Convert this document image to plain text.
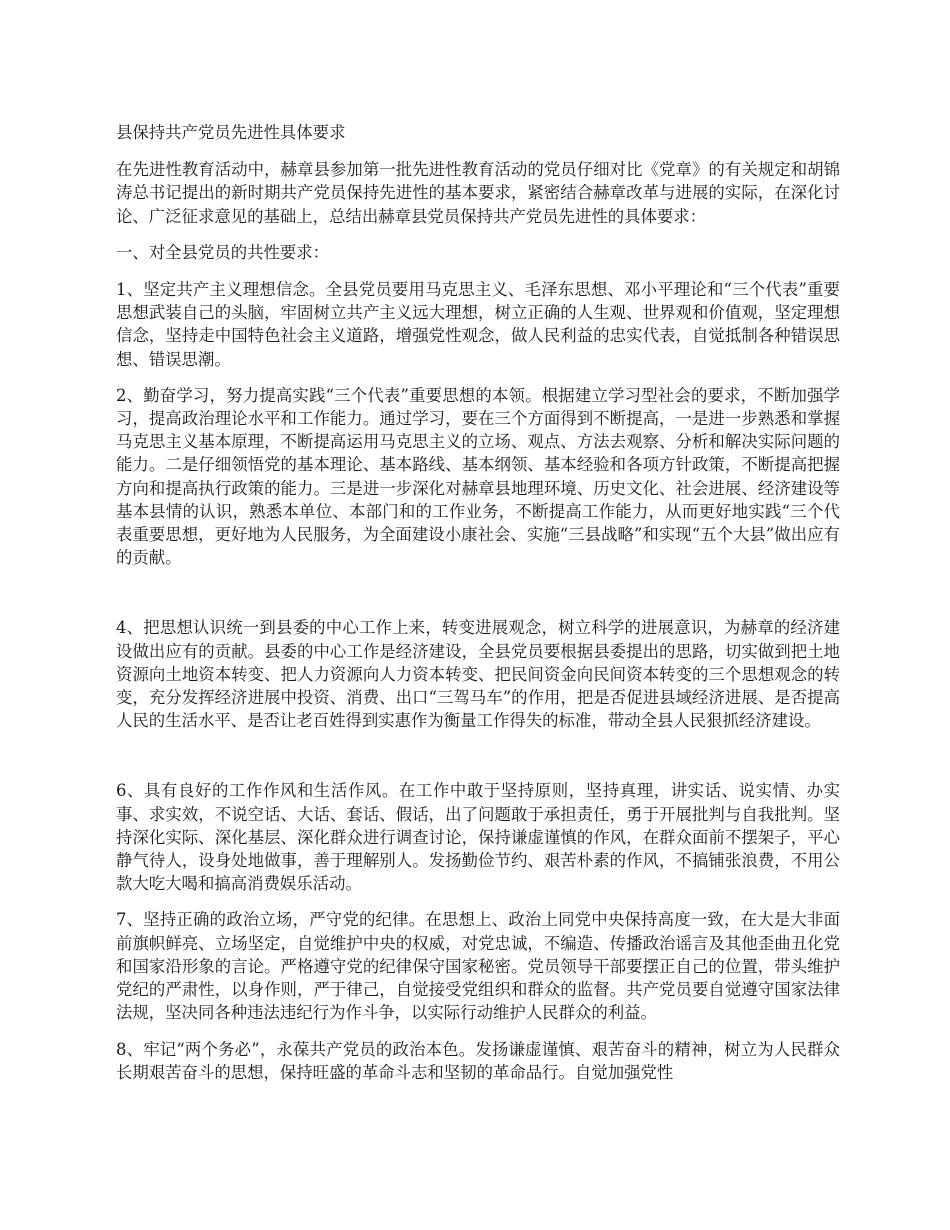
县保持共产党员先进性具体要求

在先进性教育活动中，赫章县参加第一批先进性教育活动的党员仔细对比《党章》的有关规定和胡锦涛总书记提出的新时期共产党员保持先进性的基本要求，紧密结合赫章改革与进展的实际，在深化讨论、广泛征求意见的基础上，总结出赫章县党员保持共产党员先进性的具体要求：

一、对全县党员的共性要求：

1、坚定共产主义理想信念。全县党员要用马克思主义、毛泽东思想、邓小平理论和“三个代表”重要思想武装自己的头脑，牢固树立共产主义远大理想，树立正确的人生观、世界观和价值观，坚定理想信念，坚持走中国特色社会主义道路，增强党性观念，做人民利益的忠实代表，自觉抵制各种错误思想、错误思潮。

2、勤奋学习，努力提高实践“三个代表”重要思想的本领。根据建立学习型社会的要求，不断加强学习，提高政治理论水平和工作能力。通过学习，要在三个方面得到不断提高，一是进一步熟悉和掌握马克思主义基本原理，不断提高运用马克思主义的立场、观点、方法去观察、分析和解决实际问题的能力。二是仔细领悟党的基本理论、基本路线、基本纲领、基本经验和各项方针政策，不断提高把握方向和提高执行政策的能力。三是进一步深化对赫章县地理环境、历史文化、社会进展、经济建设等基本县情的认识，熟悉本单位、本部门和的工作业务，不断提高工作能力，从而更好地实践“三个代表重要思想，更好地为人民服务，为全面建设小康社会、实施“三县战略”和实现“五个大县”做出应有的贡献。

4、把思想认识统一到县委的中心工作上来，转变进展观念，树立科学的进展意识，为赫章的经济建设做出应有的贡献。县委的中心工作是经济建设，全县党员要根据县委提出的思路，切实做到把土地资源向土地资本转变、把人力资源向人力资本转变、把民间资金向民间资本转变的三个思想观念的转变，充分发挥经济进展中投资、消费、出口“三驾马车”的作用，把是否促进县域经济进展、是否提高人民的生活水平、是否让老百姓得到实惠作为衡量工作得失的标准，带动全县人民狠抓经济建设。

6、具有良好的工作作风和生活作风。在工作中敢于坚持原则，坚持真理，讲实话、说实情、办实事、求实效，不说空话、大话、套话、假话，出了问题敢于承担责任，勇于开展批判与自我批判。坚持深化实际、深化基层、深化群众进行调查讨论，保持谦虚谨慎的作风，在群众面前不摆架子，平心静气待人，设身处地做事，善于理解别人。发扬勤俭节约、艰苦朴素的作风，不搞铺张浪费，不用公款大吃大喝和搞高消费娱乐活动。

7、坚持正确的政治立场，严守党的纪律。在思想上、政治上同党中央保持高度一致，在大是大非面前旗帜鲜亮、立场坚定，自觉维护中央的权威，对党忠诚，不编造、传播政治谣言及其他歪曲丑化党和国家沿形象的言论。严格遵守党的纪律保守国家秘密。党员领导干部要摆正自己的位置，带头维护党纪的严肃性，以身作则，严于律己，自觉接受党组织和群众的监督。共产党员要自觉遵守国家法律法规，坚决同各种违法违纪行为作斗争，以实际行动维护人民群众的利益。

8、牢记“两个务必”，永葆共产党员的政治本色。发扬谦虚谨慎、艰苦奋斗的精神，树立为人民群众长期艰苦奋斗的思想，保持旺盛的革命斗志和坚韧的革命品行。自觉加强党性
